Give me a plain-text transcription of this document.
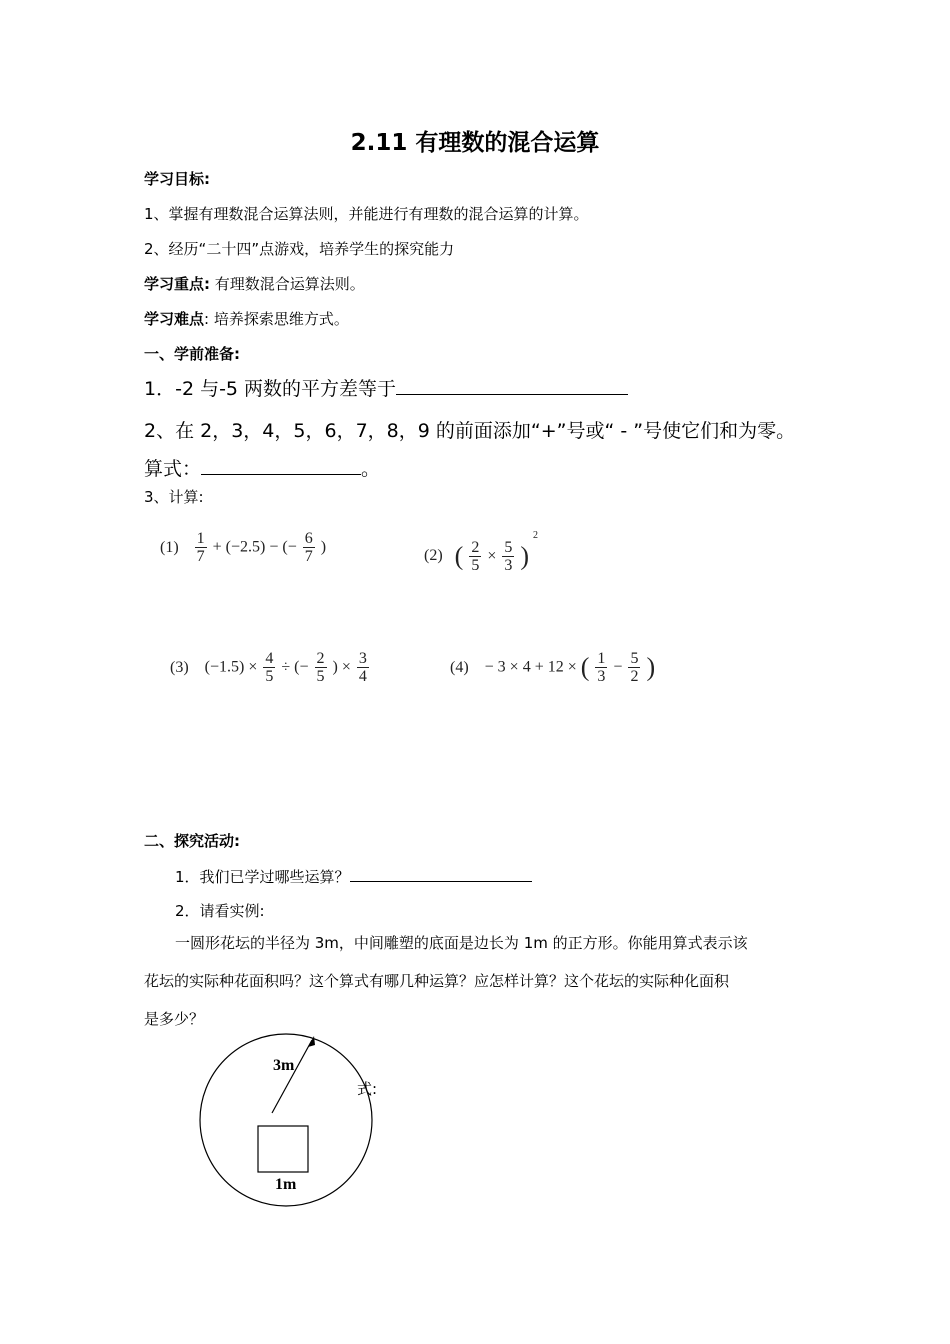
2.11 有理数的混合运算
学习目标:
1、掌握有理数混合运算法则，并能进行有理数的混合运算的计算。
2、经历“二十四”点游戏，培养学生的探究能力
学习重点: 有理数混合运算法则。
学习难点: 培养探索思维方式。
一、学前准备:
1．-2 与-5 两数的平方差等于
2、在 2，3，4，5，6，7，8，9 的前面添加“+”号或“ - ”号使它们和为零。
算式：	。
3、计算:
$(1) \frac{1}{7} + (-2.5)$ − (− $\frac{6}{7}$ )
(2) ( $\frac{2}{5} \times \frac{5}{3}$ ) $^2$
(3) $(-1.5) \times \frac{4}{5}$ ÷ (− $\frac{2}{5}$ ) × $\frac{3}{4}$	(4) − 3 × 4 + 12 × ( $\frac{1}{3} - \frac{5}{2}$ )
二、探究活动:
1．我们已学过哪些运算？
2．请看实例:
一圆形花坛的半径为 3m，中间雕塑的底面是边长为 1m 的正方形。你能用算式表示该
花坛的实际种花面积吗？这个算式有哪几种运算？应怎样计算？这个花坛的实际种化面积
是多少？
3m
1m
式:
